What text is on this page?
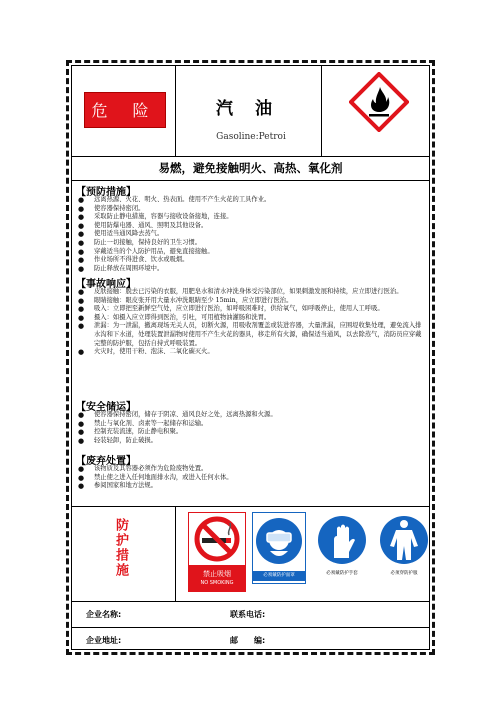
危 险	汽 油
Gasoline:Petroi
易燃，避免接触明火、高热、氧化剂
【预防措施】
● 远离热源、火花、明火、热表面。使用不产生火花的工具作业。
● 使容器保持密闭。
● 采取防止静电措施，容器与接收设备接地，连接。
● 使用防爆电器、通风、照明及其他设备。
● 使用适当通风降去蒸气。
● 防止一切接触，保持良好的卫生习惯。
● 穿戴适当的个人防护用品，避免直接接触。
● 作业场所不得进食、饮水或吸烟。
● 防止释放在周围环境中。
【事故响应】
● 皮肤接触：脱去已污染的衣服，用肥皂水和清水冲洗身体受污染部位，如果刺激发展和持续，应立即进行医治。
● 眼睛接触：眼皮张开用大量水冲洗眼睛至少 15min，应立即进行医治。
● 吸入：立即把至新鲜空气处，应立即进行医治，如呼吸困难时，供给氧气，如呼吸停止，使用人工呼吸。
● 摄入：如摄入应立即得到医治，引吐，可用植物油灌肠和洗胃。
● 泄漏：为一泄漏，撤离现场无关人员，切断火源，用吸收剂覆盖或装进容器，大量泄漏，应围堤收集处理，避免流入排水沟和下水道，处理装置泄漏物时使用不产生火花的器具，移走所有火源，确保适当通风，以去除蒸气，消防员应穿戴完整的防护服，包括自持式呼吸装置。
● 火灾时，使用干粉、泡沫、二氧化碳灭火。
【安全储运】
● 使容器保持密闭，储存于阴凉、通风良好之处，远离热源和火源。
● 禁止与氧化剂、卤素等一起储存和运输。
● 控制充装流速，防止静电积聚。
● 轻装轻卸，防止破损。
【废弃处置】
● 该物质及其容器必须作为危险废物处置。
● 禁止使之进入任何地面排水沟，或进入任何水体。
● 参阅国家和地方法规。
防护措施	禁止吸烟
NO SMOKING
必须戴防护面罩	必须戴防护手套	必须穿防护服
企业名称:	联系电话:
企业地址:	邮　　编:
